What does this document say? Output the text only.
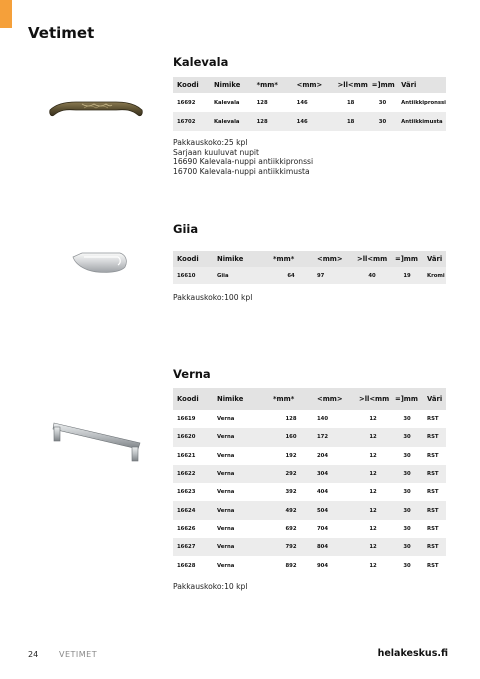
Vetimet
Kalevala
Koodi	Nimike	*mm*	<mm>	>ll<mm	=]mm	Väri
16692	Kalevala	128	146	18	30	Antiikkipronssi
16702	Kalevala	128	146	18	30	Antiikkimusta
Pakkauskoko:25 kpl
Sarjaan kuuluvat nupit
16690 Kalevala-nuppi antiikkipronssi
16700 Kalevala-nuppi antiikkimusta
Giia
Koodi	Nimike	*mm*	<mm>	>ll<mm	=]mm	Väri
16610	Giia	64	97	40	19	Kromi
Pakkauskoko:100 kpl
Verna
Koodi	Nimike	*mm*	<mm>	>ll<mm	=]mm	Väri
16619	Verna	128	140	12	30	RST
16620	Verna	160	172	12	30	RST
16621	Verna	192	204	12	30	RST
16622	Verna	292	304	12	30	RST
16623	Verna	392	404	12	30	RST
16624	Verna	492	504	12	30	RST
16626	Verna	692	704	12	30	RST
16627	Verna	792	804	12	30	RST
16628	Verna	892	904	12	30	RST
Pakkauskoko:10 kpl
24	VETIMET	helakeskus.fi
